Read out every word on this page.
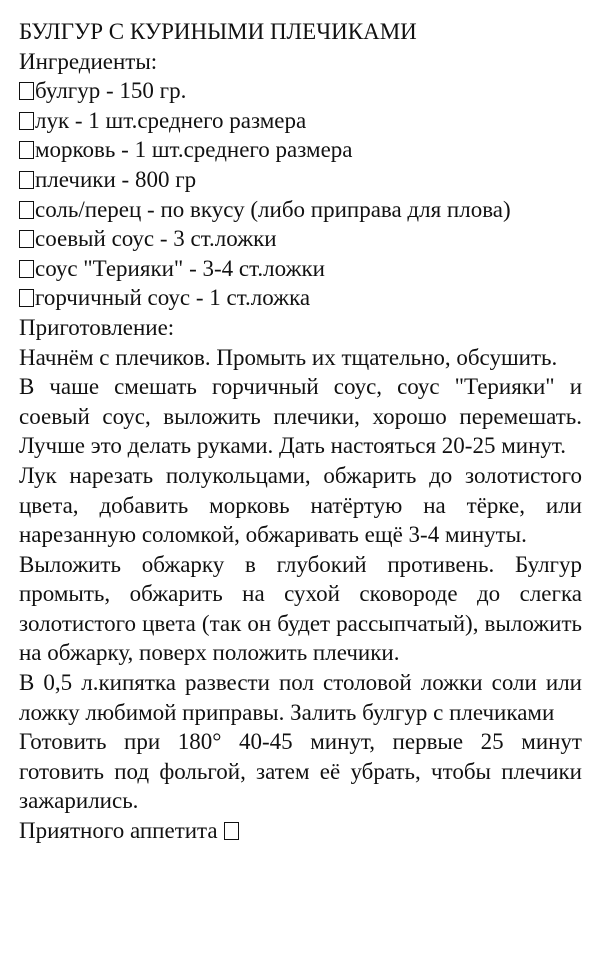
БУЛГУР С КУРИНЫМИ ПЛЕЧИКАМИ

Ингредиенты:

булгур - 150 гр.
лук - 1 шт.среднего размера
морковь - 1 шт.среднего размера
плечики - 800 гр
соль/перец - по вкусу (либо приправа для плова)
соевый соус - 3 ст.ложки
соус "Терияки" - 3-4 ст.ложки
горчичный соус - 1 ст.ложка

Приготовление:

Начнём с плечиков. Промыть их тщательно, обсушить.

В чаше смешать горчичный соус, соус "Терияки" и соевый соус, выложить плечики, хорошо перемешать. Лучше это делать руками. Дать настояться 20-25 минут.

Лук нарезать полукольцами, обжарить до золотистого цвета, добавить морковь натёртую на тёрке, или нарезанную соломкой, обжаривать ещё 3-4 минуты.

Выложить обжарку в глубокий противень. Булгур промыть, обжарить на сухой сковороде до слегка золотистого цвета (так он будет рассыпчатый), выложить на обжарку, поверх положить плечики.

В 0,5 л.кипятка развести пол столовой ложки соли или ложку любимой приправы. Залить булгур с плечиками

Готовить при 180° 40-45 минут, первые 25 минут готовить под фольгой, затем её убрать, чтобы плечики зажарились.

Приятного аппетита
